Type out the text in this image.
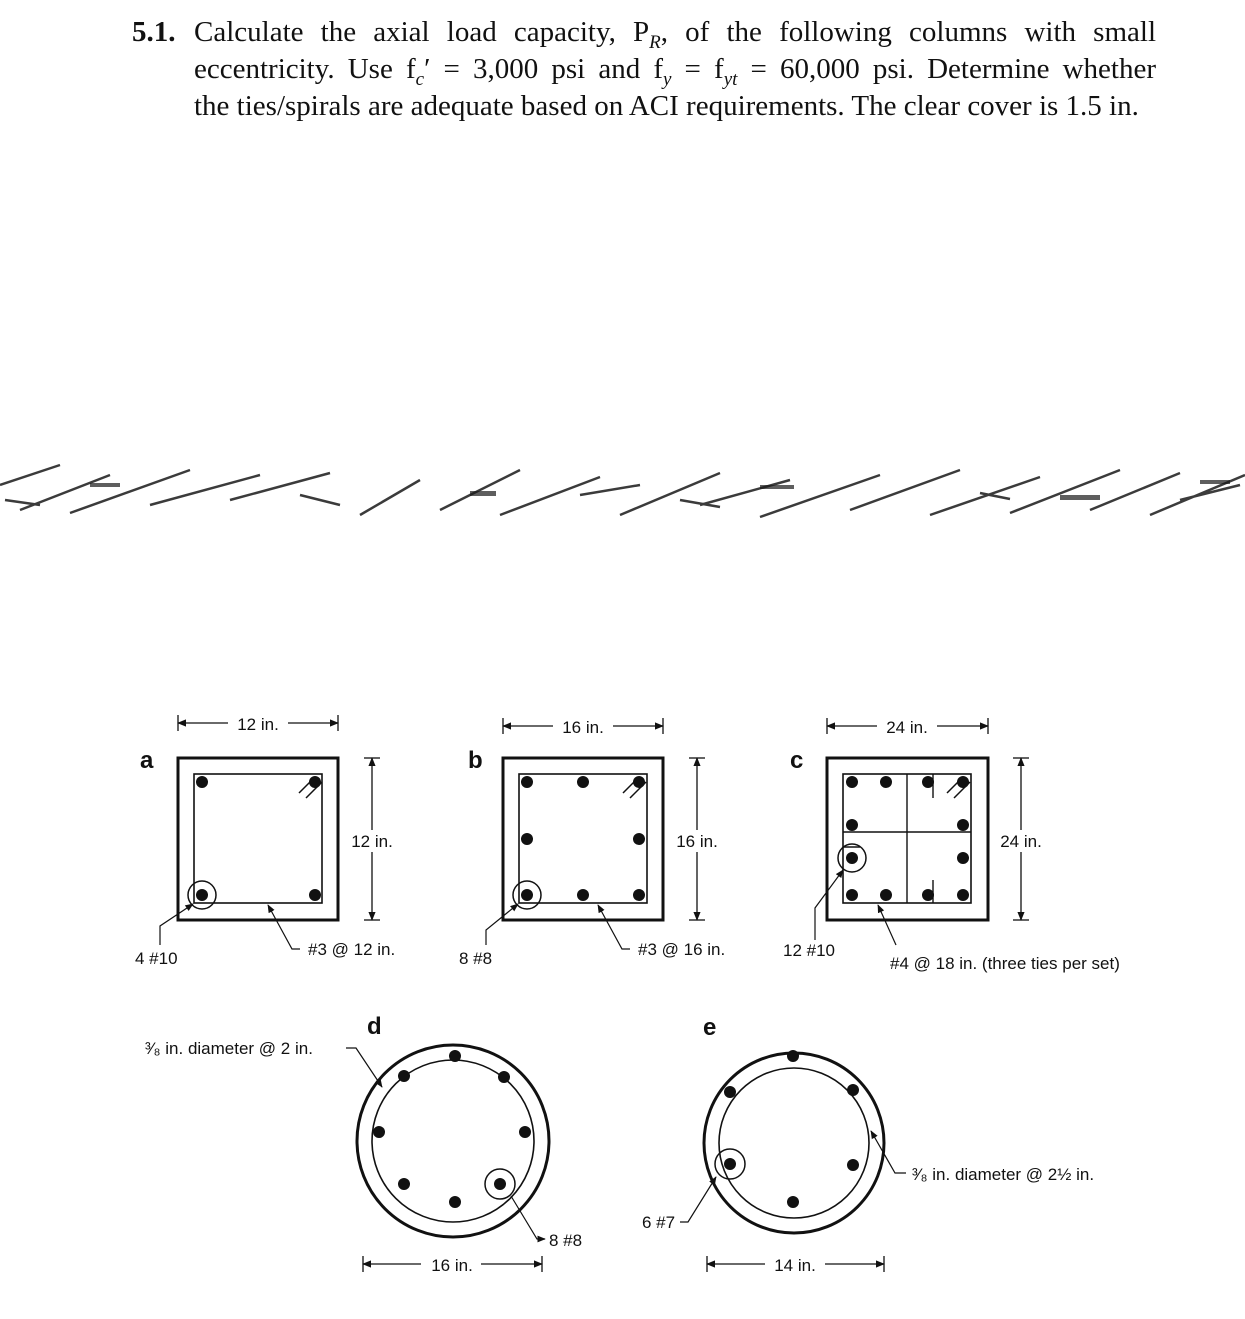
5.1. Calculate the axial load capacity, $P_R$, of the following columns with small
eccentricity. Use $f_c' = 3,000$ psi and $f_y = f_{yt} = 60,000$ psi. Determine whether
the ties/spirals are adequate based on ACI requirements. The clear cover is 1.5 in.
a
12 in.
12 in.
4 #10	#3 @ 12 in.
b
16 in.
16 in.
8 #8	#3 @ 16 in.
c
24 in.
24 in.
12 #10
#4 @ 18 in. (three ties per set)
d
³⁄₈ in. diameter @ 2 in.
8 #8
16 in.
e
6 #7
³⁄₈ in. diameter @ 2½ in.
14 in.
